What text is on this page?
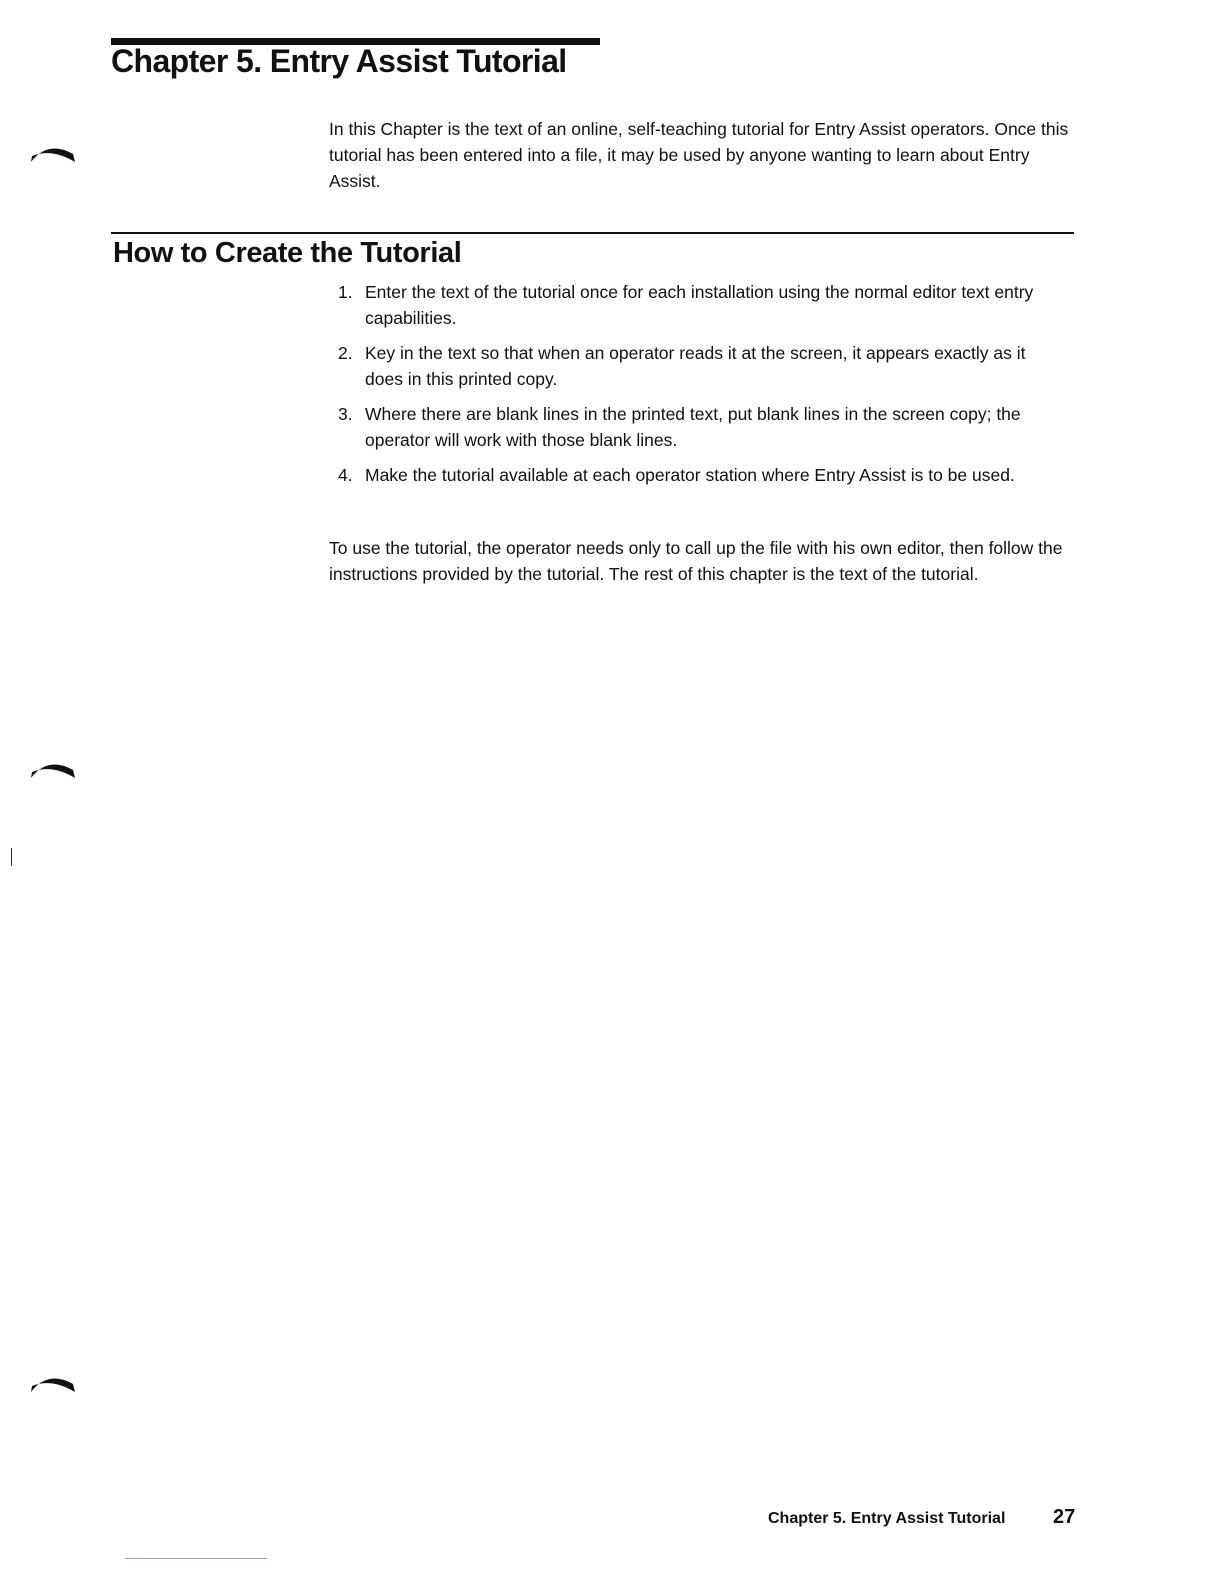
Chapter 5. Entry Assist Tutorial

In this Chapter is the text of an online, self-teaching tutorial for Entry Assist operators. Once this tutorial has been entered into a file, it may be used by anyone wanting to learn about Entry Assist.

How to Create the Tutorial
1. Enter the text of the tutorial once for each installation using the normal editor text entry capabilities.
2. Key in the text so that when an operator reads it at the screen, it appears exactly as it does in this printed copy.
3. Where there are blank lines in the printed text, put blank lines in the screen copy; the operator will work with those blank lines.
4. Make the tutorial available at each operator station where Entry Assist is to be used.

To use the tutorial, the operator needs only to call up the file with his own editor, then follow the instructions provided by the tutorial. The rest of this chapter is the text of the tutorial.

Chapter 5. Entry Assist Tutorial 27
